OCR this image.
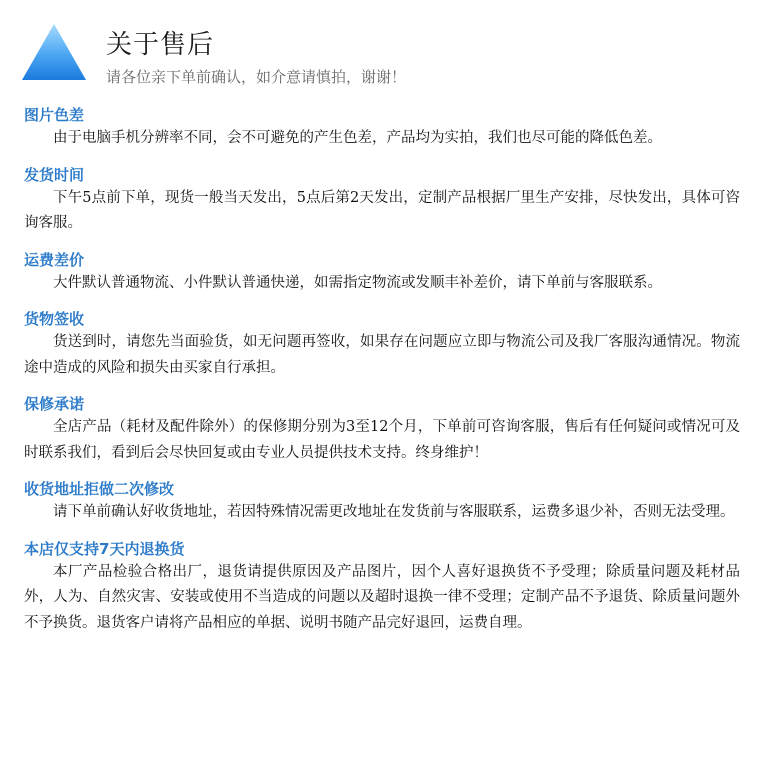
关于售后
请各位亲下单前确认，如介意请慎拍，谢谢！
图片色差
由于电脑手机分辨率不同，会不可避免的产生色差，产品均为实拍，我们也尽可能的降低色差。
发货时间
下午5点前下单，现货一般当天发出，5点后第2天发出，定制产品根据厂里生产安排，尽快发出，具体可咨询客服。
运费差价
大件默认普通物流、小件默认普通快递，如需指定物流或发顺丰补差价，请下单前与客服联系。
货物签收
货送到时，请您先当面验货，如无问题再签收，如果存在问题应立即与物流公司及我厂客服沟通情况。物流途中造成的风险和损失由买家自行承担。
保修承诺
全店产品（耗材及配件除外）的保修期分别为3至12个月，下单前可咨询客服，售后有任何疑问或情况可及时联系我们，看到后会尽快回复或由专业人员提供技术支持。终身维护！
收货地址拒做二次修改
请下单前确认好收货地址，若因特殊情况需更改地址在发货前与客服联系，运费多退少补，否则无法受理。
本店仅支持7天内退换货
本厂产品检验合格出厂，退货请提供原因及产品图片，因个人喜好退换货不予受理；除质量问题及耗材品外，人为、自然灾害、安装或使用不当造成的问题以及超时退换一律不受理；定制产品不予退货、除质量问题外不予换货。退货客户请将产品相应的单据、说明书随产品完好退回，运费自理。
